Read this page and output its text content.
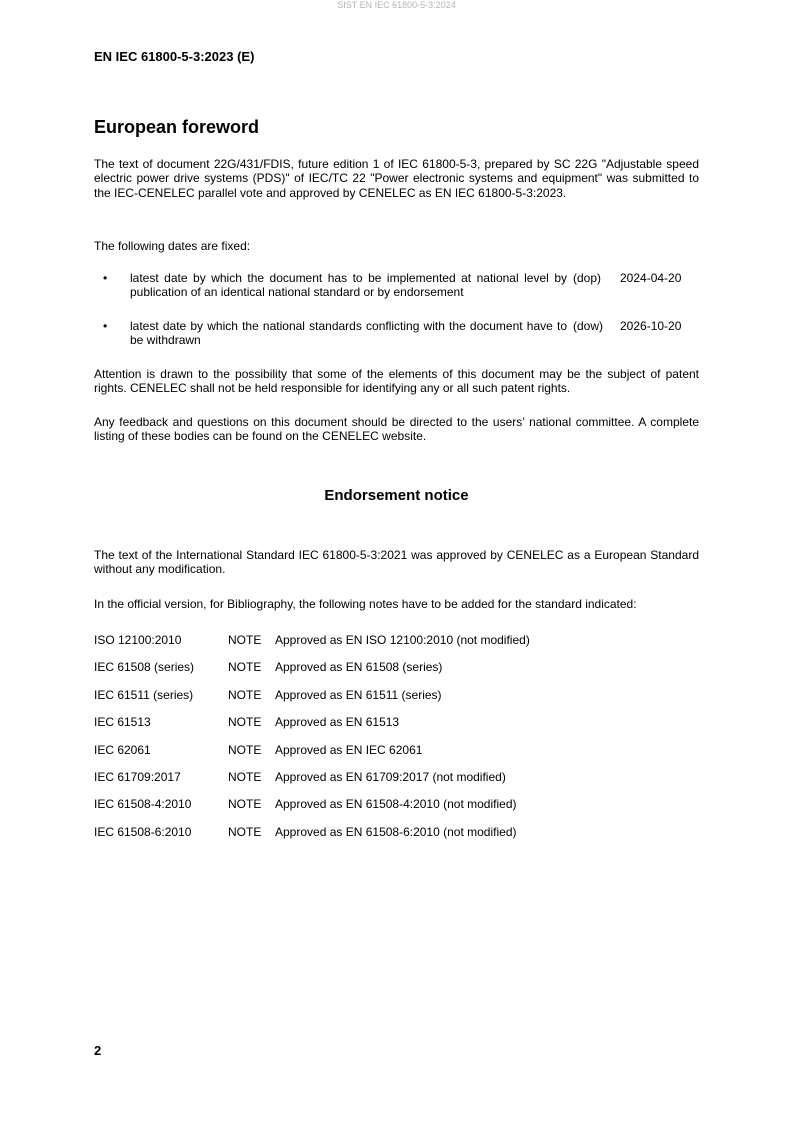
SIST EN IEC 61800-5-3:2024
EN IEC 61800-5-3:2023 (E)
European foreword
The text of document 22G/431/FDIS, future edition 1 of IEC 61800-5-3, prepared by SC 22G "Adjustable speed electric power drive systems (PDS)" of IEC/TC 22 "Power electronic systems and equipment" was submitted to the IEC-CENELEC parallel vote and approved by CENELEC as EN IEC 61800-5-3:2023.
The following dates are fixed:
• latest date by which the document has to be implemented at national level by publication of an identical national standard or by endorsement
(dop) 2024-04-20
• latest date by which the national standards conflicting with the document have to be withdrawn
(dow) 2026-10-20
Attention is drawn to the possibility that some of the elements of this document may be the subject of patent rights. CENELEC shall not be held responsible for identifying any or all such patent rights.
Any feedback and questions on this document should be directed to the users’ national committee. A complete listing of these bodies can be found on the CENELEC website.
Endorsement notice
The text of the International Standard IEC 61800-5-3:2021 was approved by CENELEC as a European Standard without any modification.
In the official version, for Bibliography, the following notes have to be added for the standard indicated:
ISO 12100:2010	NOTE Approved as EN ISO 12100:2010 (not modified)
IEC 61508 (series)	NOTE Approved as EN 61508 (series)
IEC 61511 (series)	NOTE Approved as EN 61511 (series)
IEC 61513	NOTE Approved as EN 61513
IEC 62061	NOTE Approved as EN IEC 62061
IEC 61709:2017	NOTE Approved as EN 61709:2017 (not modified)
IEC 61508-4:2010	NOTE Approved as EN 61508-4:2010 (not modified)
IEC 61508-6:2010	NOTE Approved as EN 61508-6:2010 (not modified)
2
